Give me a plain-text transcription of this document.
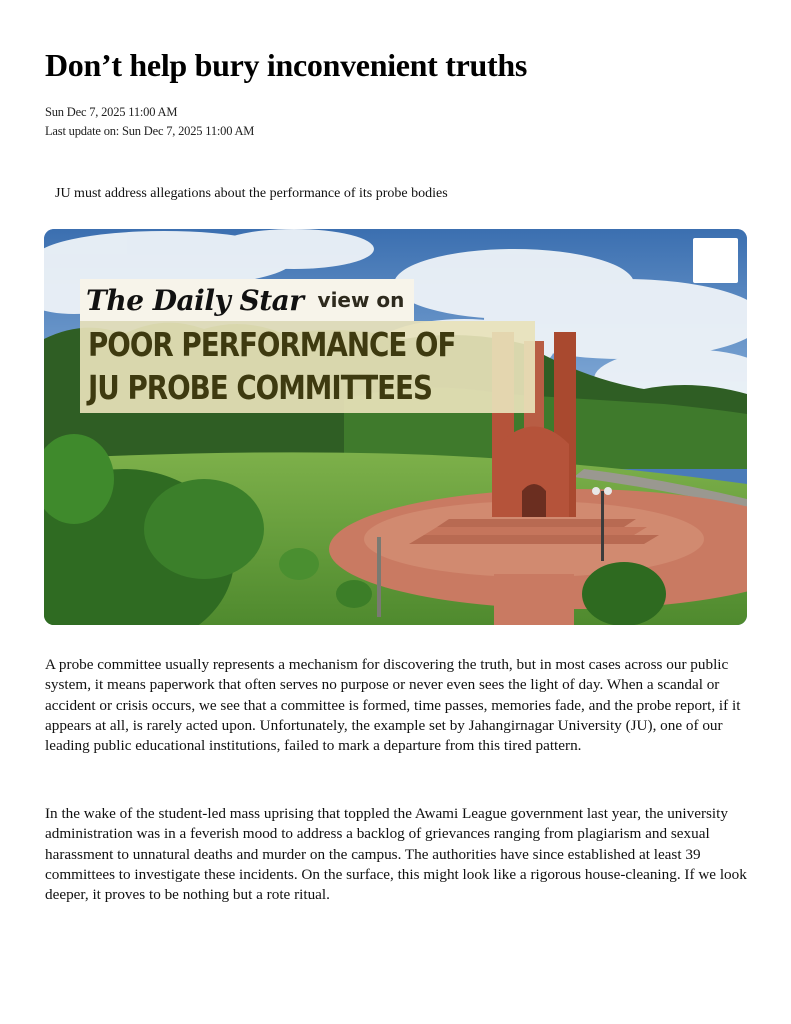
Don’t help bury inconvenient truths
Sun Dec 7, 2025 11:00 AM
Last update on: Sun Dec 7, 2025 11:00 AM
JU must address allegations about the performance of its probe bodies
The Daily Star view on
POOR PERFORMANCE OF
JU PROBE COMMITTEES

A probe committee usually represents a mechanism for discovering the truth, but in most cases across our public system, it means paperwork that often serves no purpose or never even sees the light of day. When a scandal or accident or crisis occurs, we see that a committee is formed, time passes, memories fade, and the probe report, if it appears at all, is rarely acted upon. Unfortunately, the example set by Jahangirnagar University (JU), one of our leading public educational institutions, failed to mark a departure from this tired pattern.

In the wake of the student-led mass uprising that toppled the Awami League government last year, the university administration was in a feverish mood to address a backlog of grievances ranging from plagiarism and sexual harassment to unnatural deaths and murder on the campus. The authorities have since established at least 39 committees to investigate these incidents. On the surface, this might look like a rigorous house-cleaning. If we look deeper, it proves to be nothing but a rote ritual.
